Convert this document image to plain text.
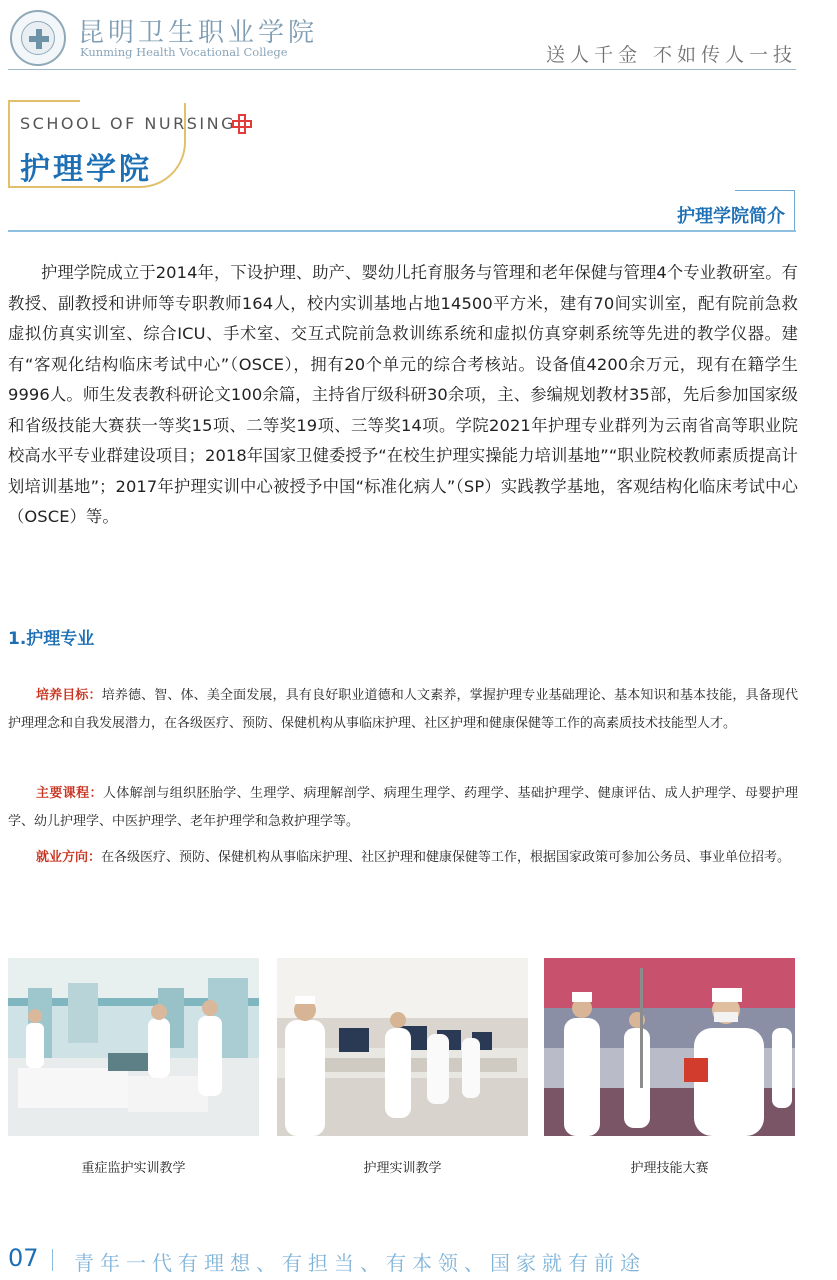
昆明卫生职业学院
Kunming Health Vocational College	送人千金 不如传人一技
SCHOOL OF NURSING
护理学院
护理学院简介

护理学院成立于2014年，下设护理、助产、婴幼儿托育服务与管理和老年保健与管理4个专业教研室。有教授、副教授和讲师等专职教师164人，校内实训基地占地14500平方米，建有70间实训室，配有院前急救虚拟仿真实训室、综合ICU、手术室、交互式院前急救训练系统和虚拟仿真穿刺系统等先进的教学仪器。建有“客观化结构临床考试中心”（OSCE），拥有20个单元的综合考核站。设备值4200余万元，现有在籍学生9996人。师生发表教科研论文100余篇，主持省厅级科研30余项，主、参编规划教材35部，先后参加国家级和省级技能大赛获一等奖15项、二等奖19项、三等奖14项。学院2021年护理专业群列为云南省高等职业院校高水平专业群建设项目；2018年国家卫健委授予“在校生护理实操能力培训基地”“职业院校教师素质提高计划培训基地”；2017年护理实训中心被授予中国“标准化病人”（SP）实践教学基地，客观结构化临床考试中心（OSCE）等。

1.护理专业

培养目标：培养德、智、体、美全面发展，具有良好职业道德和人文素养，掌握护理专业基础理论、基本知识和基本技能，具备现代护理理念和自我发展潜力，在各级医疗、预防、保健机构从事临床护理、社区护理和健康保健等工作的高素质技术技能型人才。

主要课程：人体解剖与组织胚胎学、生理学、病理解剖学、病理生理学、药理学、基础护理学、健康评估、成人护理学、母婴护理学、幼儿护理学、中医护理学、老年护理学和急救护理学等。

就业方向：在各级医疗、预防、保健机构从事临床护理、社区护理和健康保健等工作，根据国家政策可参加公务员、事业单位招考。

重症监护实训教学	护理实训教学	护理技能大赛
07 青年一代有理想、有担当、有本领、国家就有前途
